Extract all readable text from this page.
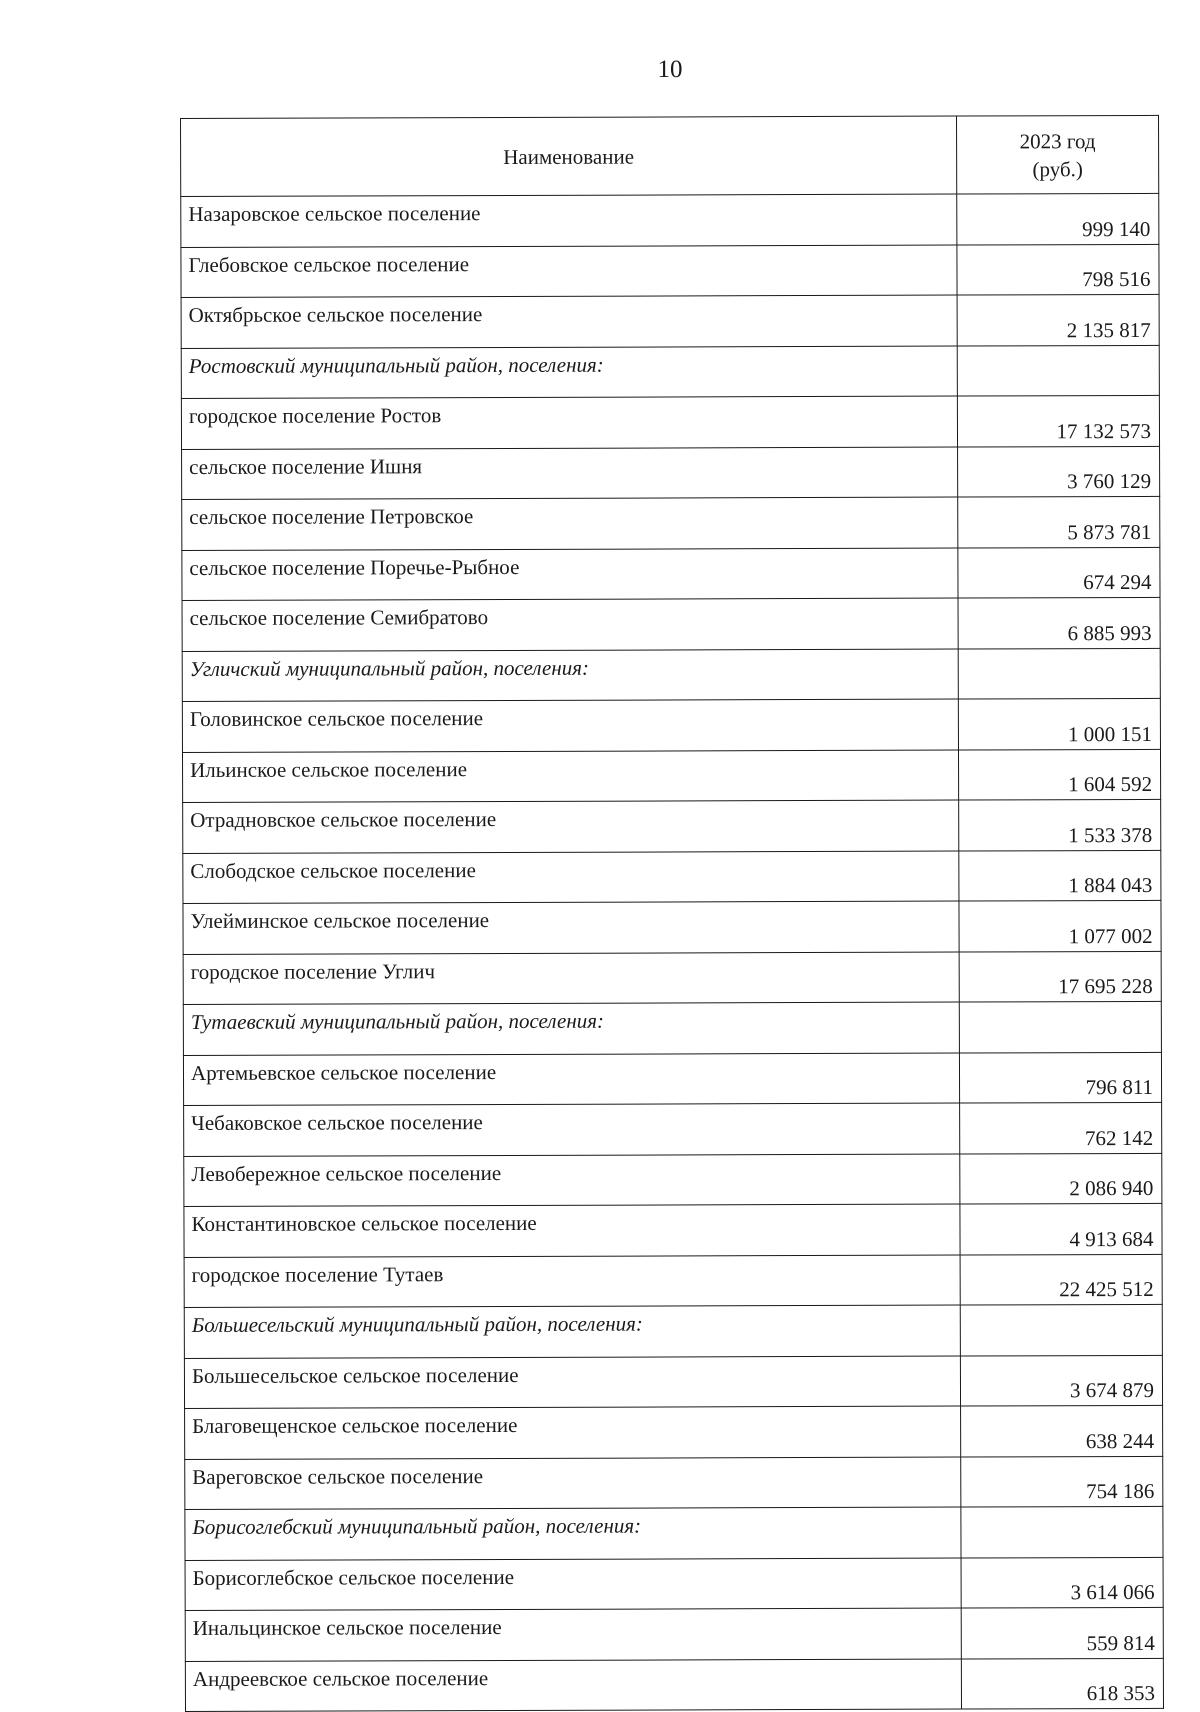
10
Наименование	2023 год
(руб.)

Назаровское сельское поселение	999 140
Глебовское сельское поселение	798 516
Октябрьское сельское поселение	2 135 817
Ростовский муниципальный район, поселения:	
городское поселение Ростов	17 132 573
сельское поселение Ишня	3 760 129
сельское поселение Петровское	5 873 781
сельское поселение Поречье-Рыбное	674 294
сельское поселение Семибратово	6 885 993
Угличский муниципальный район, поселения:	
Головинское сельское поселение	1 000 151
Ильинское сельское поселение	1 604 592
Отрадновское сельское поселение	1 533 378
Слободское сельское поселение	1 884 043
Улейминское сельское поселение	1 077 002
городское поселение Углич	17 695 228
Тутаевский муниципальный район, поселения:	
Артемьевское сельское поселение	796 811
Чебаковское сельское поселение	762 142
Левобережное сельское поселение	2 086 940
Константиновское сельское поселение	4 913 684
городское поселение Тутаев	22 425 512
Большесельский муниципальный район, поселения:	
Большесельское сельское поселение	3 674 879
Благовещенское сельское поселение	638 244
Вареговское сельское поселение	754 186
Борисоглебский муниципальный район, поселения:	
Борисоглебское сельское поселение	3 614 066
Инальцинское сельское поселение	559 814
Андреевское сельское поселение	618 353
